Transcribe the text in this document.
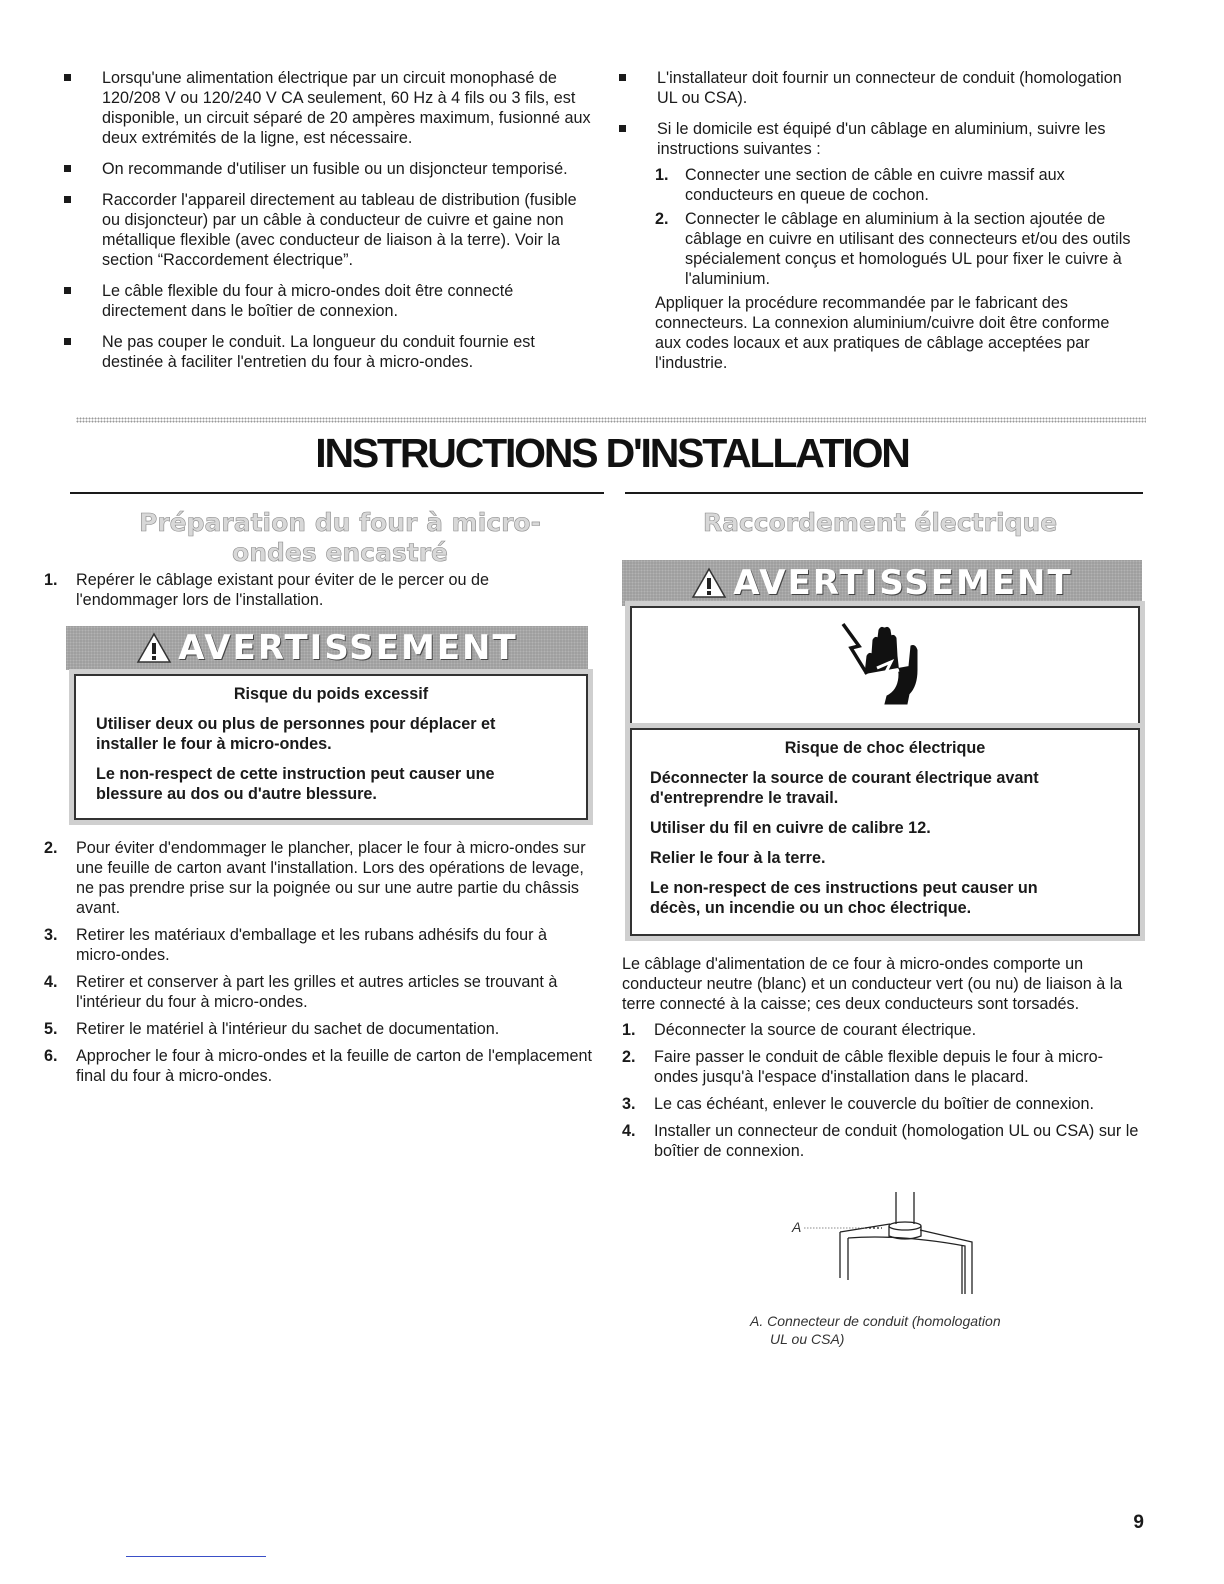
Lorsqu'une alimentation électrique par un circuit monophasé de 120/208 V ou 120/240 V CA seulement, 60 Hz à 4 fils ou 3 fils, est disponible, un circuit séparé de 20 ampères maximum, fusionné aux deux extrémités de la ligne, est nécessaire.
On recommande d'utiliser un fusible ou un disjoncteur temporisé.
Raccorder l'appareil directement au tableau de distribution (fusible ou disjoncteur) par un câble à conducteur de cuivre et gaine non métallique flexible (avec conducteur de liaison à la terre). Voir la section “Raccordement électrique”.
Le câble flexible du four à micro-ondes doit être connecté directement dans le boîtier de connexion.
Ne pas couper le conduit. La longueur du conduit fournie est destinée à faciliter l'entretien du four à micro-ondes.
L'installateur doit fournir un connecteur de conduit (homologation UL ou CSA).
Si le domicile est équipé d'un câblage en aluminium, suivre les instructions suivantes :
1. Connecter une section de câble en cuivre massif aux conducteurs en queue de cochon.
2. Connecter le câblage en aluminium à la section ajoutée de câblage en cuivre en utilisant des connecteurs et/ou des outils spécialement conçus et homologués UL pour fixer le cuivre à l'aluminium.

Appliquer la procédure recommandée par le fabricant des connecteurs. La connexion aluminium/cuivre doit être conforme aux codes locaux et aux pratiques de câblage acceptées par l'industrie.

INSTRUCTIONS D'INSTALLATION
Préparation du four à micro-ondes encastré
1. Repérer le câblage existant pour éviter de le percer ou de l'endommager lors de l'installation.
AVERTISSEMENT
Risque du poids excessif
Utiliser deux ou plus de personnes pour déplacer et installer le four à micro-ondes.
Le non-respect de cette instruction peut causer une blessure au dos ou d'autre blessure.
2. Pour éviter d'endommager le plancher, placer le four à micro-ondes sur une feuille de carton avant l'installation. Lors des opérations de levage, ne pas prendre prise sur la poignée ou sur une autre partie du châssis avant.
3. Retirer les matériaux d'emballage et les rubans adhésifs du four à micro-ondes.
4. Retirer et conserver à part les grilles et autres articles se trouvant à l'intérieur du four à micro-ondes.
5. Retirer le matériel à l'intérieur du sachet de documentation.
6. Approcher le four à micro-ondes et la feuille de carton de l'emplacement final du four à micro-ondes.
Raccordement électrique
AVERTISSEMENT
Risque de choc électrique
Déconnecter la source de courant électrique avant d'entreprendre le travail.
Utiliser du fil en cuivre de calibre 12.
Relier le four à la terre.
Le non-respect de ces instructions peut causer un décès, un incendie ou un choc électrique.

Le câblage d'alimentation de ce four à micro-ondes comporte un conducteur neutre (blanc) et un conducteur vert (ou nu) de liaison à la terre connecté à la caisse; ces deux conducteurs sont torsadés.

1. Déconnecter la source de courant électrique.
2. Faire passer le conduit de câble flexible depuis le four à micro-ondes jusqu'à l'espace d'installation dans le placard.
3. Le cas échéant, enlever le couvercle du boîtier de connexion.
4. Installer un connecteur de conduit (homologation UL ou CSA) sur le boîtier de connexion.
A
A. Connecteur de conduit (homologation
UL ou CSA)
9
